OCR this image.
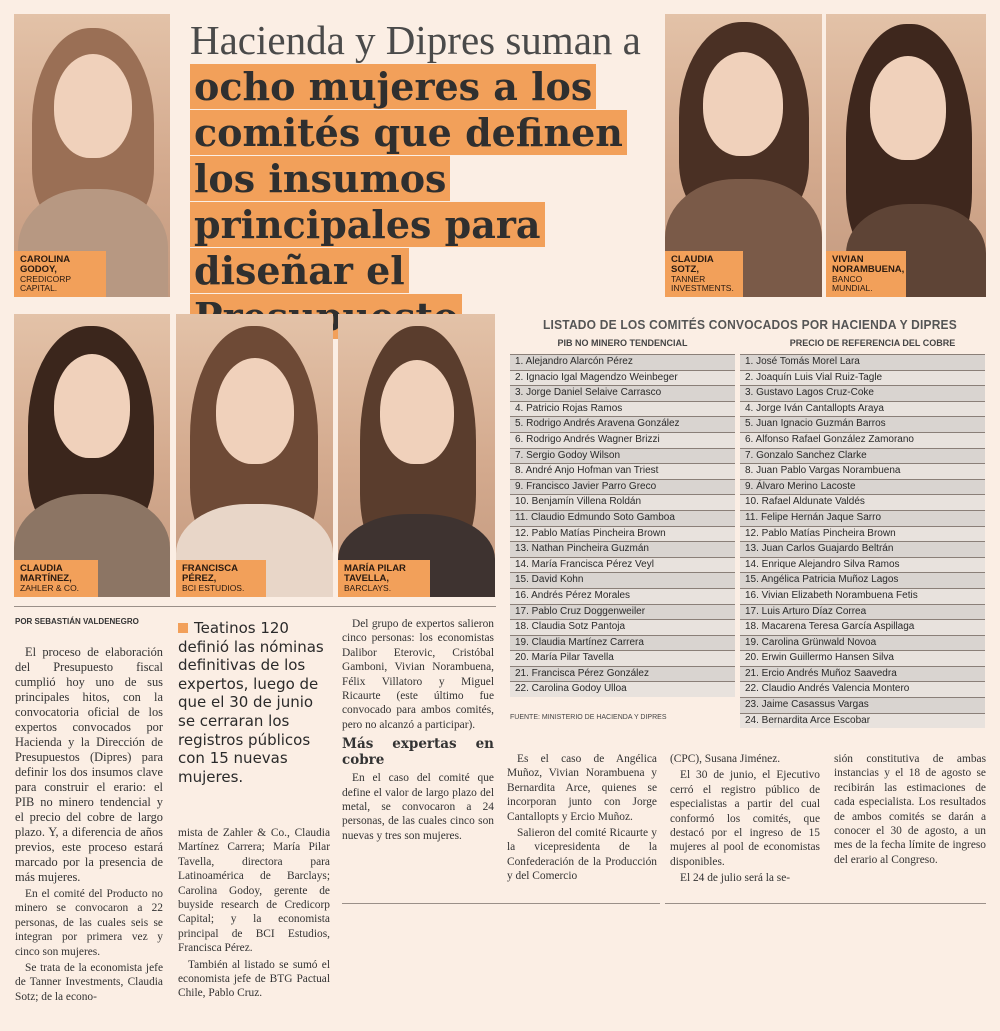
CAROLINA GODOY,
CREDICORP CAPITAL.
CLAUDIA SOTZ,
TANNER INVESTMENTS.
VIVIAN NORAMBUENA,
BANCO MUNDIAL.
Hacienda y Dipres suman a ocho mujeres a los comités que definen los insumos principales para diseñar el
CLAUDIA MARTÍNEZ,
ZAHLER & CO.
FRANCISCA PÉREZ,
BCI ESTUDIOS.
MARÍA PILAR TAVELLA,
BARCLAYS.
LISTADO DE LOS COMITÉS CONVOCADOS POR HACIENDA Y DIPRES
PIB NO MINERO TENDENCIAL	PRECIO DE REFERENCIA DEL COBRE
1. Alejandro Alarcón Pérez
2. Ignacio Igal Magendzo Weinbeger
3. Jorge Daniel Selaive Carrasco
4. Patricio Rojas Ramos
5. Rodrigo Andrés Aravena González
6. Rodrigo Andrés Wagner Brizzi
7. Sergio Godoy Wilson
8. André Anjo Hofman van Triest
9. Francisco Javier Parro Greco
10. Benjamín Villena Roldán
11. Claudio Edmundo Soto Gamboa
12. Pablo Matías Pincheira Brown
13. Nathan Pincheira Guzmán
14. María Francisca Pérez Veyl
15. David Kohn
16. Andrés Pérez Morales
17. Pablo Cruz Doggenweiler
18. Claudia Sotz Pantoja
19. Claudia Martínez Carrera
20. María Pilar Tavella
21. Francisca Pérez González
22. Carolina Godoy Ulloa
1. José Tomás Morel Lara
2. Joaquín Luis Vial Ruiz-Tagle
3. Gustavo Lagos Cruz-Coke
4. Jorge Iván Cantallopts Araya
5. Juan Ignacio Guzmán Barros
6. Alfonso Rafael González Zamorano
7. Gonzalo Sanchez Clarke
8. Juan Pablo Vargas Norambuena
9. Álvaro Merino Lacoste
10. Rafael Aldunate Valdés
11. Felipe Hernán Jaque Sarro
12. Pablo Matías Pincheira Brown
13. Juan Carlos Guajardo Beltrán
14. Enrique Alejandro Silva Ramos
15. Angélica Patricia Muñoz Lagos
16. Vivian Elizabeth Norambuena Fetis
17. Luis Arturo Díaz Correa
18. Macarena Teresa García Aspillaga
19. Carolina Grünwald Novoa
20. Erwin Guillermo Hansen Silva
21. Ercio Andrés Muñoz Saavedra
22. Claudio Andrés Valencia Montero
23. Jaime Casassus Vargas
24. Bernardita Arce Escobar
FUENTE: MINISTERIO DE HACIENDA Y DIPRES
POR SEBASTIÁN VALDENEGRO

El proceso de elaboración del Presupuesto fiscal cumplió hoy uno de sus principales hitos, con la convocatoria oficial de los expertos convocados por Hacienda y la Dirección de Presupuestos (Dipres) para definir los dos insumos clave para construir el erario: el PIB no minero tendencial y el precio del cobre de largo plazo. Y, a diferencia de años previos, este proceso estará marcado por la presencia de más mujeres.

En el comité del Producto no minero se convocaron a 22 personas, de las cuales seis se integran por primera vez y cinco son mujeres.

Se trata de la economista jefe de Tanner Investments, Claudia Sotz; de la econo-

Teatinos 120 definió las nóminas definitivas de los expertos, luego de que el 30 de junio se cerraran los registros públicos con 15 nuevas mujeres.

mista de Zahler & Co., Claudia Martínez Carrera; María Pilar Tavella, directora para Latinoamérica de Barclays; Carolina Godoy, gerente de buyside research de Credicorp Capital; y la economista principal de BCI Estudios, Francisca Pérez.

También al listado se sumó el economista jefe de BTG Pactual Chile, Pablo Cruz.

Del grupo de expertos salieron cinco personas: los economistas Dalibor Eterovic, Cristóbal Gamboni, Vivian Norambuena, Félix Villatoro y Miguel Ricaurte (este último fue convocado para ambos comités, pero no alcanzó a participar).

Más expertas en cobre

En el caso del comité que define el valor de largo plazo del metal, se convocaron a 24 personas, de las cuales cinco son nuevas y tres son mujeres.

Es el caso de Angélica Muñoz, Vivian Norambuena y Bernardita Arce, quienes se incorporan junto con Jorge Cantallopts y Ercio Muñoz.

Salieron del comité Ricaurte y la vicepresidenta de la Confederación de la Producción y del Comercio

(CPC), Susana Jiménez.

El 30 de junio, el Ejecutivo cerró el registro público de especialistas a partir del cual conformó los comités, que destacó por el ingreso de 15 mujeres al pool de economistas disponibles.

El 24 de julio será la se-

sión constitutiva de ambas instancias y el 18 de agosto se recibirán las estimaciones de cada especialista. Los resultados de ambos comités se darán a conocer el 30 de agosto, a un mes de la fecha límite de ingreso del erario al Congreso.
